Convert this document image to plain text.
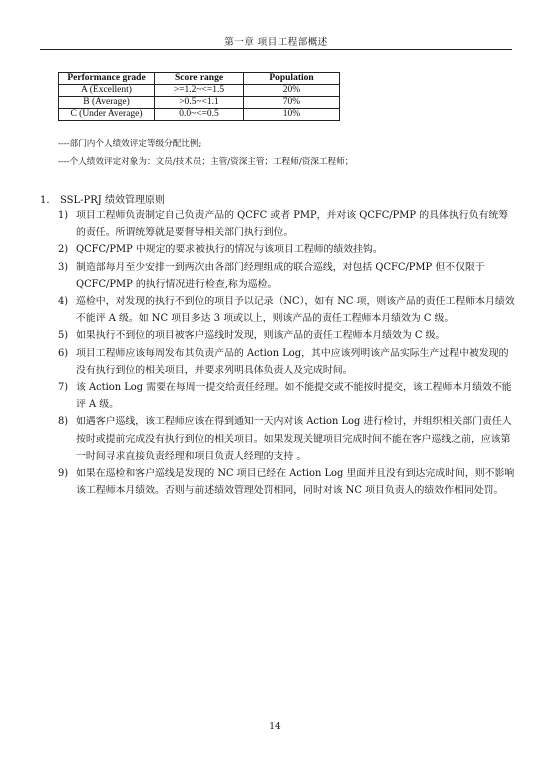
第一章 项目工程部概述
Performance grade	Score range	Population
A (Excellent)	>=1.2~<=1.5	20%
B (Average)	>0.5~<1.1	70%
C (Under Average)	0.0~<=0.5	10%
----部门内个人绩效评定等级分配比例;
----个人绩效评定对象为：文员/技术员；主管/资深主管；工程师/资深工程师；
1. SSL-PRJ 绩效管理原则
1) 项目工程师负责制定自己负责产品的 QCFC 或者 PMP，并对该 QCFC/PMP 的具体执行负有统筹的责任。所谓统筹就是要督导相关部门执行到位。
2) QCFC/PMP 中规定的要求被执行的情况与该项目工程师的绩效挂钩。
3) 制造部每月至少安排一到两次由各部门经理组成的联合巡线，对包括 QCFC/PMP 但不仅限于 QCFC/PMP 的执行情况进行检查,称为巡检。
4) 巡检中，对发现的执行不到位的项目予以记录（NC），如有 NC 项，则该产品的责任工程师本月绩效不能评 A 级。如 NC 项目多达 3 项或以上，则该产品的责任工程师本月绩效为 C 级。
5) 如果执行不到位的项目被客户巡线时发现，则该产品的责任工程师本月绩效为 C 级。
6) 项目工程师应该每周发布其负责产品的 Action Log，其中应该列明该产品实际生产过程中被发现的没有执行到位的相关项目，并要求列明具体负责人及完成时间。
7) 该 Action Log 需要在每周一提交给责任经理。如不能提交或不能按时提交，该工程师本月绩效不能评 A 级。
8) 如遇客户巡线，该工程师应该在得到通知一天内对该 Action Log 进行检讨，并组织相关部门责任人按时或提前完成没有执行到位的相关项目。如果发现关键项目完成时间不能在客户巡线之前，应该第一时间寻求直接负责经理和项目负责人经理的支持 。
9) 如果在巡检和客户巡线是发现的 NC 项目已经在 Action Log 里面并且没有到达完成时间，则不影响该工程师本月绩效。否则与前述绩效管理处罚相同，同时对该 NC 项目负责人的绩效作相同处罚。
14
